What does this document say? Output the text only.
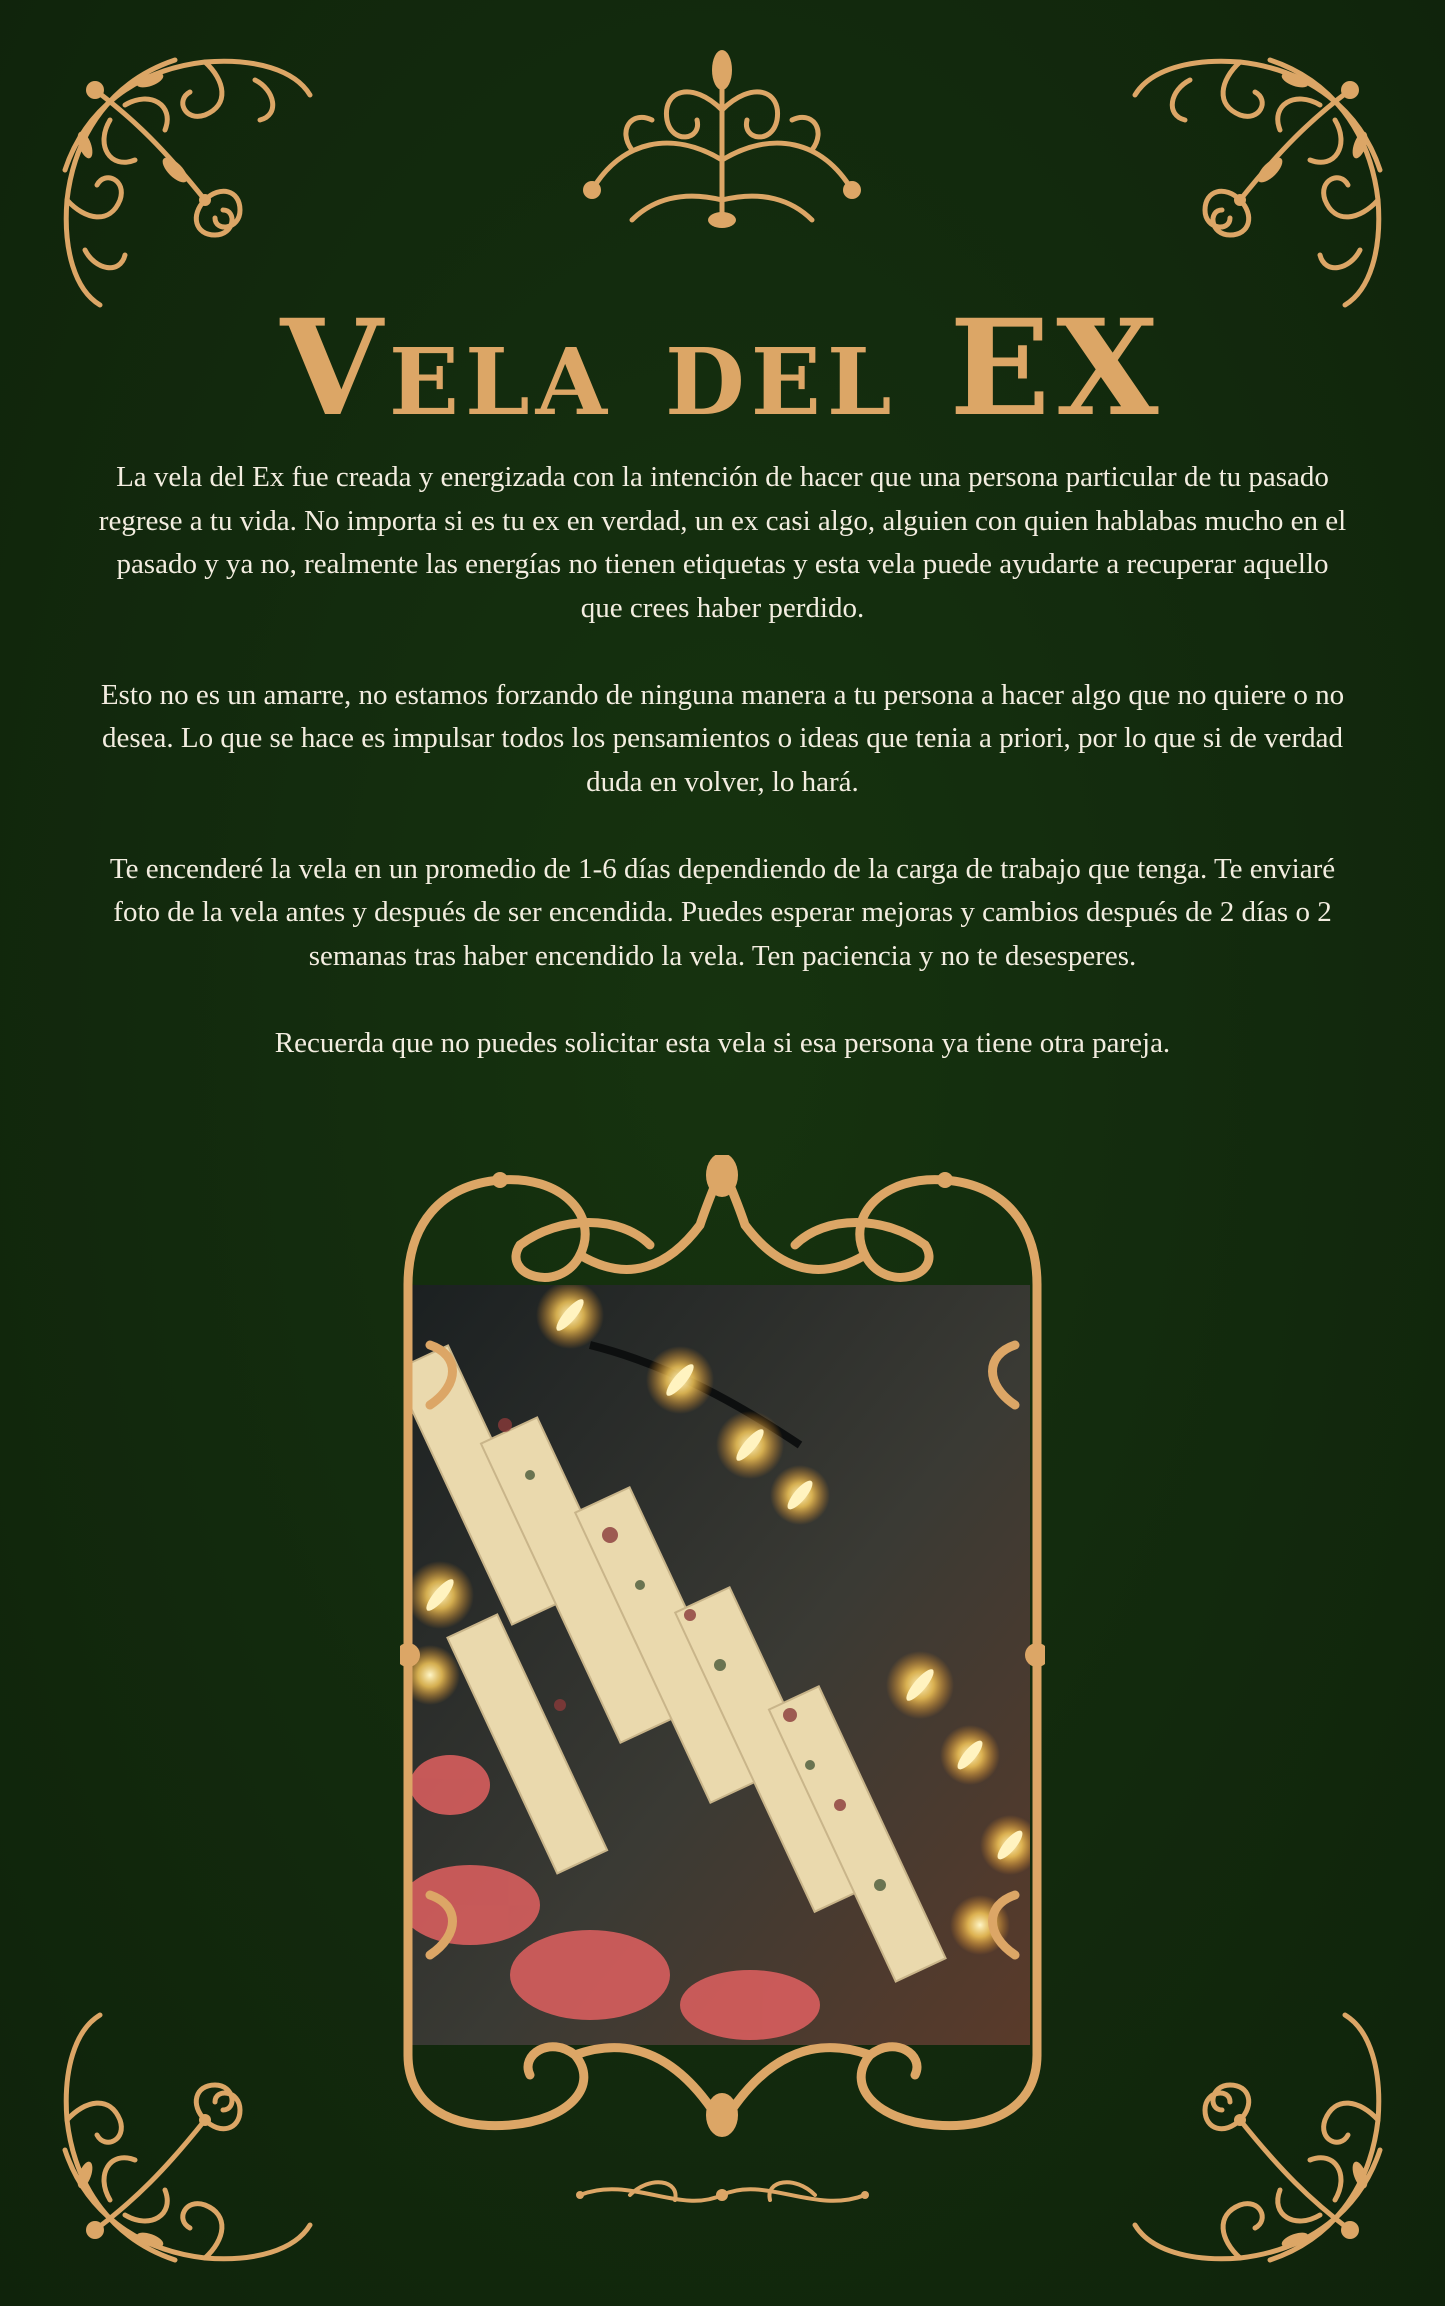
Vela del EX

La vela del Ex fue creada y energizada con la intención de hacer que una persona particular de tu pasado regrese a tu vida. No importa si es tu ex en verdad, un ex casi algo, alguien con quien hablabas mucho en el pasado y ya no, realmente las energías no tienen etiquetas y esta vela puede ayudarte a recuperar aquello que crees haber perdido.

Esto no es un amarre, no estamos forzando de ninguna manera a tu persona a hacer algo que no quiere o no desea. Lo que se hace es impulsar todos los pensamientos o ideas que tenia a priori, por lo que si de verdad duda en volver, lo hará.

Te encenderé la vela en un promedio de 1-6 días dependiendo de la carga de trabajo que tenga. Te enviaré foto de la vela antes y después de ser encendida. Puedes esperar mejoras y cambios después de 2 días o 2 semanas tras haber encendido la vela. Ten paciencia y no te desesperes.

Recuerda que no puedes solicitar esta vela si esa persona ya tiene otra pareja.
